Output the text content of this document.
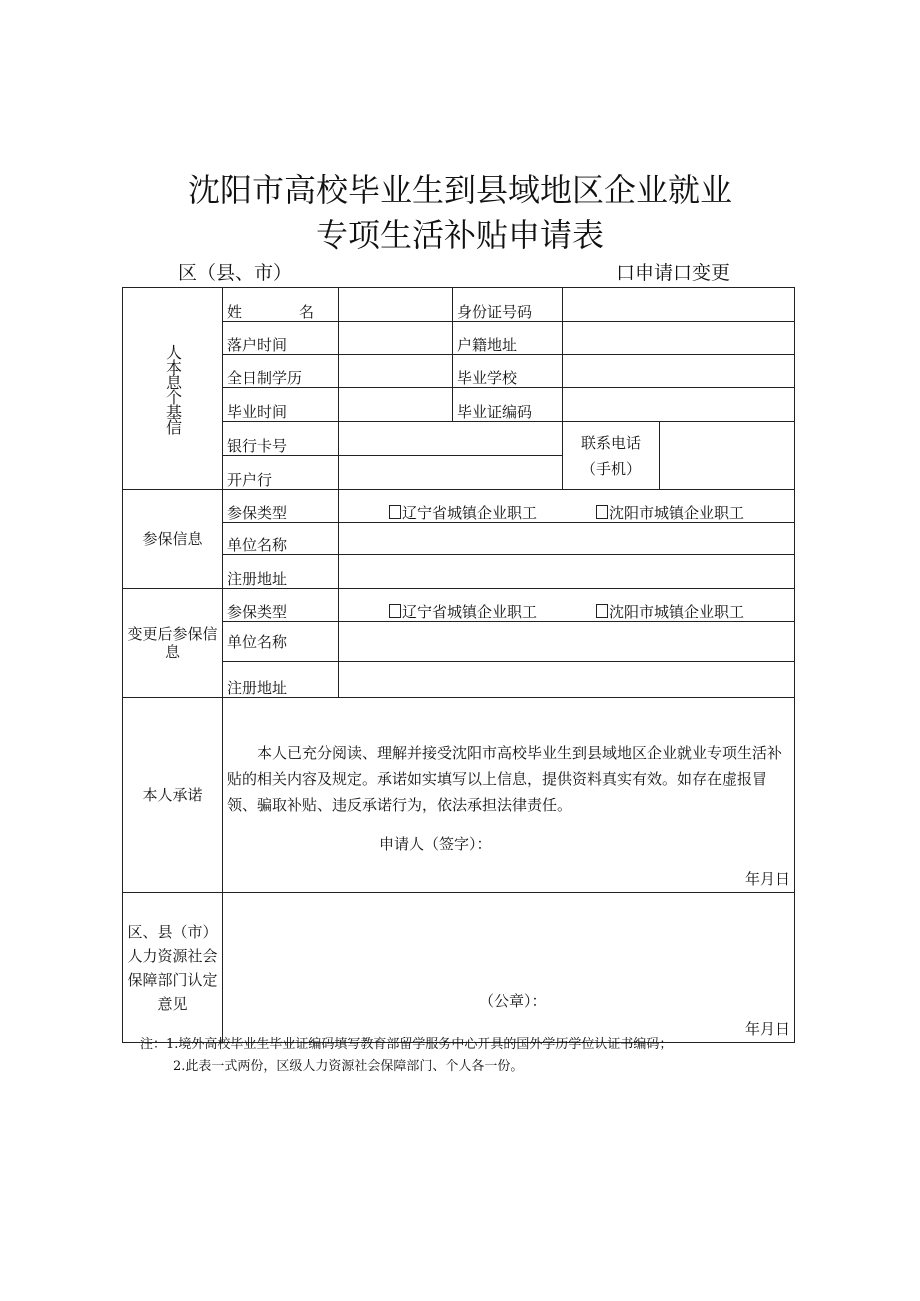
沈阳市高校毕业生到县域地区企业就业
专项生活补贴申请表
区（县、市）	口申请口变更
人本息个基信	姓 名		身份证号码		
	落户时间		户籍地址		
	全日制学历		毕业学校		
	毕业时间		毕业证编码		
	银行卡号			联系电话
（手机）	

	开户行				
参保信息	参保类型	辽宁省城镇企业职工 沈阳市城镇企业职工			
	单位名称				
	注册地址				
变更后参保信息	参保类型	辽宁省城镇企业职工 沈阳市城镇企业职工			
	单位名称				
	注册地址				
本人承诺	本人已充分阅读、理解并接受沈阳市高校毕业生到县域地区企业就业专项生活补贴的相关内容及规定。承诺如实填写以上信息，提供资料真实有效。如存在虚报冒领、骗取补贴、违反承诺行为，依法承担法律责任。

申请人（签字）：
年月日				

区、县（市）人力资源社会保障部门认定意见	（公章）：
年月日				
注：1.境外高校毕业生毕业证编码填写教育部留学服务中心开具的国外学历学位认证书编码；
2.此表一式两份，区级人力资源社会保障部门、个人各一份。
